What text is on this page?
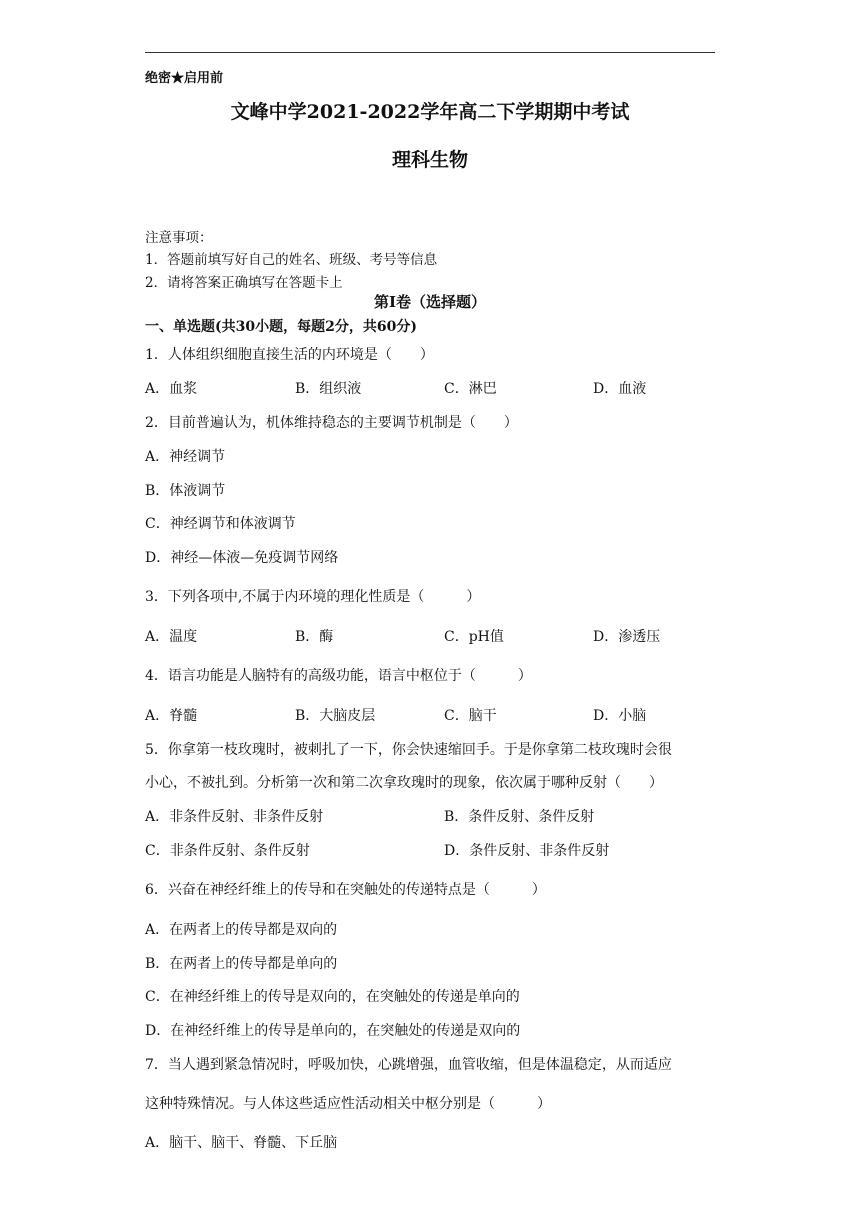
绝密★启用前
文峰中学2021-2022学年高二下学期期中考试
理科生物
注意事项：
1．答题前填写好自己的姓名、班级、考号等信息
2．请将答案正确填写在答题卡上
第I卷（选择题）
一、单选题(共30小题，每题2分，共60分)
1．人体组织细胞直接生活的内环境是（　　）
A．血浆	B．组织液	C．淋巴	D．血液
2．目前普遍认为，机体维持稳态的主要调节机制是（　　）
A．神经调节
B．体液调节
C．神经调节和体液调节
D．神经—体液—免疫调节网络
3．下列各项中,不属于内环境的理化性质是（　　　）
A．温度	B．酶	C．pH值	D．渗透压
4．语言功能是人脑特有的高级功能，语言中枢位于（　　　）
A．脊髓	B．大脑皮层	C．脑干	D．小脑
5．你拿第一枝玫瑰时，被刺扎了一下，你会快速缩回手。于是你拿第二枝玫瑰时会很
小心，不被扎到。分析第一次和第二次拿玫瑰时的现象，依次属于哪种反射（　　）
A．非条件反射、非条件反射	B．条件反射、条件反射
C．非条件反射、条件反射	D．条件反射、非条件反射
6．兴奋在神经纤维上的传导和在突触处的传递特点是（　　　）
A．在两者上的传导都是双向的
B．在两者上的传导都是单向的
C．在神经纤维上的传导是双向的，在突触处的传递是单向的
D．在神经纤维上的传导是单向的，在突触处的传递是双向的
7．当人遇到紧急情况时，呼吸加快，心跳增强，血管收缩，但是体温稳定，从而适应
这种特殊情况。与人体这些适应性活动相关中枢分别是（　　　）
A．脑干、脑干、脊髓、下丘脑
